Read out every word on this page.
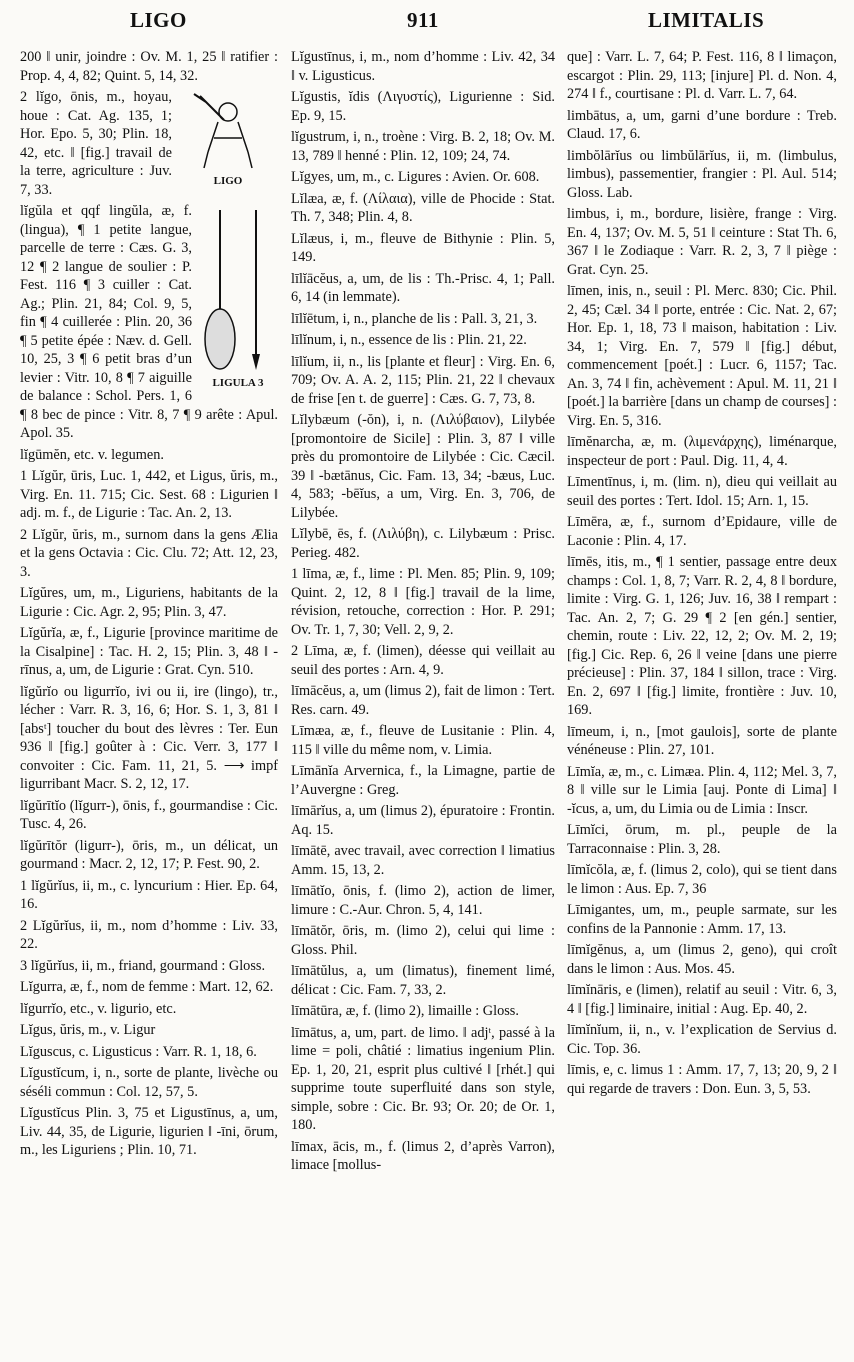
LIGO	911	LIMITALIS

200 ‖ unir, joindre : Ov. M. 1, 25 ‖ ratifier : Prop. 4, 4, 82; Quint. 5, 14, 32.

LIGO

2 lĭgo, ōnis, m., hoyau, houe : Cat. Ag. 135, 1; Hor. Epo. 5, 30; Plin. 18, 42, etc. ‖ [fig.] travail de la terre, agriculture : Juv. 7, 33.

LIGULA 3

lĭgŭla et qqf lingŭla, æ, f. (lingua), ¶ 1 petite langue, parcelle de terre : Cæs. G. 3, 12 ¶ 2 langue de soulier : P. Fest. 116 ¶ 3 cuiller : Cat. Ag.; Plin. 21, 84; Col. 9, 5, fin ¶ 4 cuillerée : Plin. 20, 36 ¶ 5 petite épée : Næv. d. Gell. 10, 25, 3 ¶ 6 petit bras d’un levier : Vitr. 10, 8 ¶ 7 aiguille de balance : Schol. Pers. 1, 6 ¶ 8 bec de pince : Vitr. 8, 7 ¶ 9 arête : Apul. Apol. 35.

lĭgūmĕn, etc. v. legumen.

1 Lĭgŭr, ūris, Luc. 1, 442, et Ligus, ŭris, m., Virg. En. 11. 715; Cic. Sest. 68 : Ligurien ‖ adj. m. f., de Ligurie : Tac. An. 2, 13.

2 Lĭgŭr, ŭris, m., surnom dans la gens Ælia et la gens Octavia : Cic. Clu. 72; Att. 12, 23, 3.

Lĭgŭres, um, m., Liguriens, habitants de la Ligurie : Cic. Agr. 2, 95; Plin. 3, 47.

Lĭgŭrĭa, æ, f., Ligurie [province maritime de la Cisalpine] : Tac. H. 2, 15; Plin. 3, 48 ‖ -rīnus, a, um, de Ligurie : Grat. Cyn. 510.

lĭgŭrĭo ou ligurrĭo, ivi ou ii, ire (lingo), tr., lécher : Varr. R. 3, 16, 6; Hor. S. 1, 3, 81 ‖ [absᵗ] toucher du bout des lèvres : Ter. Eun 936 ‖ [fig.] goûter à : Cic. Verr. 3, 177 ‖ convoiter : Cic. Fam. 11, 21, 5. ⟶ impf ligurribant Macr. S. 2, 12, 17.

lĭgŭrītĭo (lĭgurr-), ōnis, f., gourmandise : Cic. Tusc. 4, 26.

lĭgŭrītŏr (ligurr-), ōris, m., un délicat, un gourmand : Macr. 2, 12, 17; P. Fest. 90, 2.

1 lĭgŭrĭus, ii, m., c. lyncurium : Hier. Ep. 64, 16.

2 Lĭgŭrĭus, ii, m., nom d’homme : Liv. 33, 22.

3 lĭgŭrĭus, ii, m., friand, gourmand : Gloss.

Lĭgurra, æ, f., nom de femme : Mart. 12, 62.

lĭgurrĭo, etc., v. ligurio, etc.

Lĭgus, ŭris, m., v. Ligur

Lĭguscus, c. Ligusticus : Varr. R. 1, 18, 6.

Lĭgustĭcum, i, n., sorte de plante, livèche ou séséli commun : Col. 12, 57, 5.

Lĭgustĭcus Plin. 3, 75 et Ligustīnus, a, um, Liv. 44, 35, de Ligurie, ligurien ‖ -īni, ōrum, m., les Liguriens ; Plin. 10, 71.

Lĭgustīnus, i, m., nom d’homme : Liv. 42, 34 ‖ v. Ligusticus.

Lĭgustis, ĭdis (Λιγυστίς), Ligurienne : Sid. Ep. 9, 15.

lĭgustrum, i, n., troène : Virg. B. 2, 18; Ov. M. 13, 789 ‖ henné : Plin. 12, 109; 24, 74.

Lĭgyes, um, m., c. Ligures : Avien. Or. 608.

Lĭlæa, æ, f. (Λίλαια), ville de Phocide : Stat. Th. 7, 348; Plin. 4, 8.

Lĭlæus, i, m., fleuve de Bithynie : Plin. 5, 149.

līlĭācĕus, a, um, de lis : Th.-Prisc. 4, 1; Pall. 6, 14 (in lemmate).

līlĭētum, i, n., planche de lis : Pall. 3, 21, 3.

līlĭnum, i, n., essence de lis : Plin. 21, 22.

līlĭum, ii, n., lis [plante et fleur] : Virg. En. 6, 709; Ov. A. A. 2, 115; Plin. 21, 22 ‖ chevaux de frise [en t. de guerre] : Cæs. G. 7, 73, 8.

Lĭlybæum (-ŏn), i, n. (Λιλύβαιον), Lilybée [promontoire de Sicile] : Plin. 3, 87 ‖ ville près du promontoire de Lilybée : Cic. Cæcil. 39 ‖ -bætānus, Cic. Fam. 13, 34; -bæus, Luc. 4, 583; -bēĭus, a um, Virg. En. 3, 706, de Lilybée.

Lĭlybē, ēs, f. (Λιλύβη), c. Lilybæum : Prisc. Perieg. 482.

1 līma, æ, f., lime : Pl. Men. 85; Plin. 9, 109; Quint. 2, 12, 8 ‖ [fig.] travail de la lime, révision, retouche, correction : Hor. P. 291; Ov. Tr. 1, 7, 30; Vell. 2, 9, 2.

2 Līma, æ, f. (limen), déesse qui veillait au seuil des portes : Arn. 4, 9.

līmācĕus, a, um (limus 2), fait de limon : Tert. Res. carn. 49.

Līmæa, æ, f., fleuve de Lusitanie : Plin. 4, 115 ‖ ville du même nom, v. Limia.

Līmānĭa Arvernica, f., la Limagne, partie de l’Auvergne : Greg.

līmārĭus, a, um (limus 2), épuratoire : Frontin. Aq. 15.

līmātē, avec travail, avec correction ‖ limatius Amm. 15, 13, 2.

līmātĭo, ōnis, f. (limo 2), action de limer, limure : C.-Aur. Chron. 5, 4, 141.

līmātŏr, ōris, m. (limo 2), celui qui lime : Gloss. Phil.

līmātŭlus, a, um (limatus), finement limé, délicat : Cic. Fam. 7, 33, 2.

līmātūra, æ, f. (limo 2), limaille : Gloss.

līmātus, a, um, part. de limo. ‖ adjᵗ, passé à la lime = poli, châtié : limatius ingenium Plin. Ep. 1, 20, 21, esprit plus cultivé ‖ [rhét.] qui supprime toute superfluité dans son style, simple, sobre : Cic. Br. 93; Or. 20; de Or. 1, 180.

līmax, ācis, m., f. (limus 2, d’après Varron), limace [mollus-

que] : Varr. L. 7, 64; P. Fest. 116, 8 ‖ limaçon, escargot : Plin. 29, 113; [injure] Pl. d. Non. 4, 274 ‖ f., courtisane : Pl. d. Varr. L. 7, 64.

limbātus, a, um, garni d’une bordure : Treb. Claud. 17, 6.

limbŏlārĭus ou limbŭlārĭus, ii, m. (limbulus, limbus), passementier, frangier : Pl. Aul. 514; Gloss. Lab.

limbus, i, m., bordure, lisière, frange : Virg. En. 4, 137; Ov. M. 5, 51 ‖ ceinture : Stat Th. 6, 367 ‖ le Zodiaque : Varr. R. 2, 3, 7 ‖ piège : Grat. Cyn. 25.

līmen, inis, n., seuil : Pl. Merc. 830; Cic. Phil. 2, 45; Cæl. 34 ‖ porte, entrée : Cic. Nat. 2, 67; Hor. Ep. 1, 18, 73 ‖ maison, habitation : Liv. 34, 1; Virg. En. 7, 579 ‖ [fig.] début, commencement [poét.] : Lucr. 6, 1157; Tac. An. 3, 74 ‖ fin, achèvement : Apul. M. 11, 21 ‖ [poét.] la barrière [dans un champ de courses] : Virg. En. 5, 316.

līmĕnarcha, æ, m. (λιμενάρχης), liménarque, inspecteur de port : Paul. Dig. 11, 4, 4.

Līmentīnus, i, m. (lim. n), dieu qui veillait au seuil des portes : Tert. Idol. 15; Arn. 1, 15.

Līmēra, æ, f., surnom d’Epidaure, ville de Laconie : Plin. 4, 17.

līmēs, itis, m., ¶ 1 sentier, passage entre deux champs : Col. 1, 8, 7; Varr. R. 2, 4, 8 ‖ bordure, limite : Virg. G. 1, 126; Juv. 16, 38 ‖ rempart : Tac. An. 2, 7; G. 29 ¶ 2 [en gén.] sentier, chemin, route : Liv. 22, 12, 2; Ov. M. 2, 19; [fig.] Cic. Rep. 6, 26 ‖ veine [dans une pierre précieuse] : Plin. 37, 184 ‖ sillon, trace : Virg. En. 2, 697 ‖ [fig.] limite, frontière : Juv. 10, 169.

līmeum, i, n., [mot gaulois], sorte de plante vénéneuse : Plin. 27, 101.

Līmĭa, æ, m., c. Limæa. Plin. 4, 112; Mel. 3, 7, 8 ‖ ville sur le Limia [auj. Ponte di Lima] ‖ -ĭcus, a, um, du Limia ou de Limia : Inscr.

Līmĭci, ōrum, m. pl., peuple de la Tarraconnaise : Plin. 3, 28.

līmĭcŏla, æ, f. (limus 2, colo), qui se tient dans le limon : Aus. Ep. 7, 36

Līmigantes, um, m., peuple sarmate, sur les confins de la Pannonie : Amm. 17, 13.

līmĭgĕnus, a, um (limus 2, geno), qui croît dans le limon : Aus. Mos. 45.

līmĭnāris, e (limen), relatif au seuil : Vitr. 6, 3, 4 ‖ [fig.] liminaire, initial : Aug. Ep. 40, 2.

līmĭnĭum, ii, n., v. l’explication de Servius d. Cic. Top. 36.

līmis, e, c. limus 1 : Amm. 17, 7, 13; 20, 9, 2 ‖ qui regarde de travers : Don. Eun. 3, 5, 53.
